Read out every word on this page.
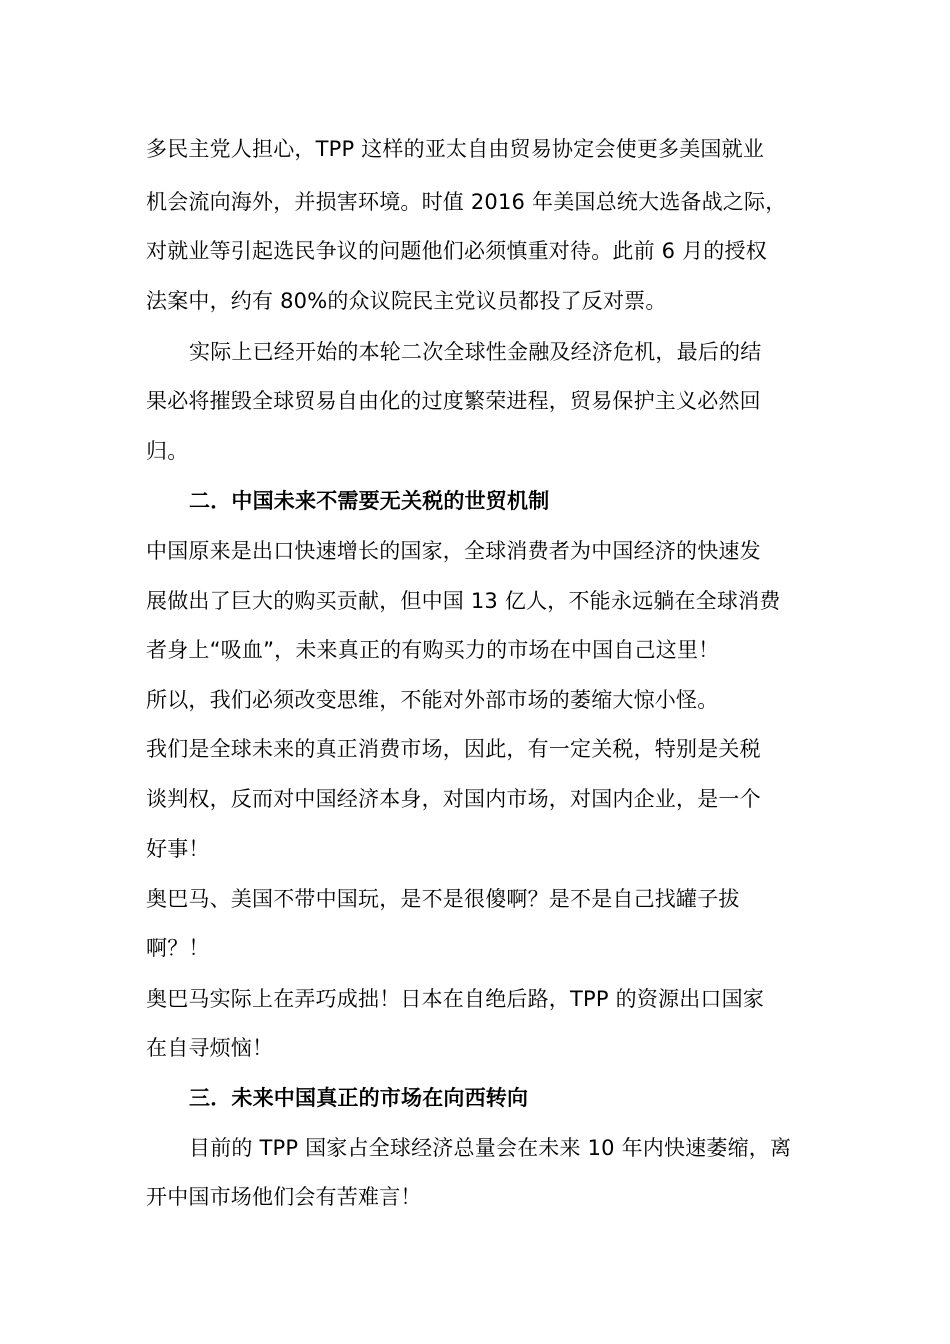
多民主党人担心，TPP 这样的亚太自由贸易协定会使更多美国就业
机会流向海外，并损害环境。时值 2016 年美国总统大选备战之际，
对就业等引起选民争议的问题他们必须慎重对待。此前 6 月的授权
法案中，约有 80%的众议院民主党议员都投了反对票。
实际上已经开始的本轮二次全球性金融及经济危机，最后的结
果必将摧毁全球贸易自由化的过度繁荣进程，贸易保护主义必然回
归。
二．中国未来不需要无关税的世贸机制
中国原来是出口快速增长的国家，全球消费者为中国经济的快速发
展做出了巨大的购买贡献，但中国 13 亿人，不能永远躺在全球消费
者身上“吸血”，未来真正的有购买力的市场在中国自己这里！
所以，我们必须改变思维，不能对外部市场的萎缩大惊小怪。
我们是全球未来的真正消费市场，因此，有一定关税，特别是关税
谈判权，反而对中国经济本身，对国内市场，对国内企业，是一个
好事！
奥巴马、美国不带中国玩，是不是很傻啊？是不是自己找罐子拔
啊？！
奥巴马实际上在弄巧成拙！日本在自绝后路，TPP 的资源出口国家
在自寻烦恼！
三．未来中国真正的市场在向西转向
目前的 TPP 国家占全球经济总量会在未来 10 年内快速萎缩，离
开中国市场他们会有苦难言！
